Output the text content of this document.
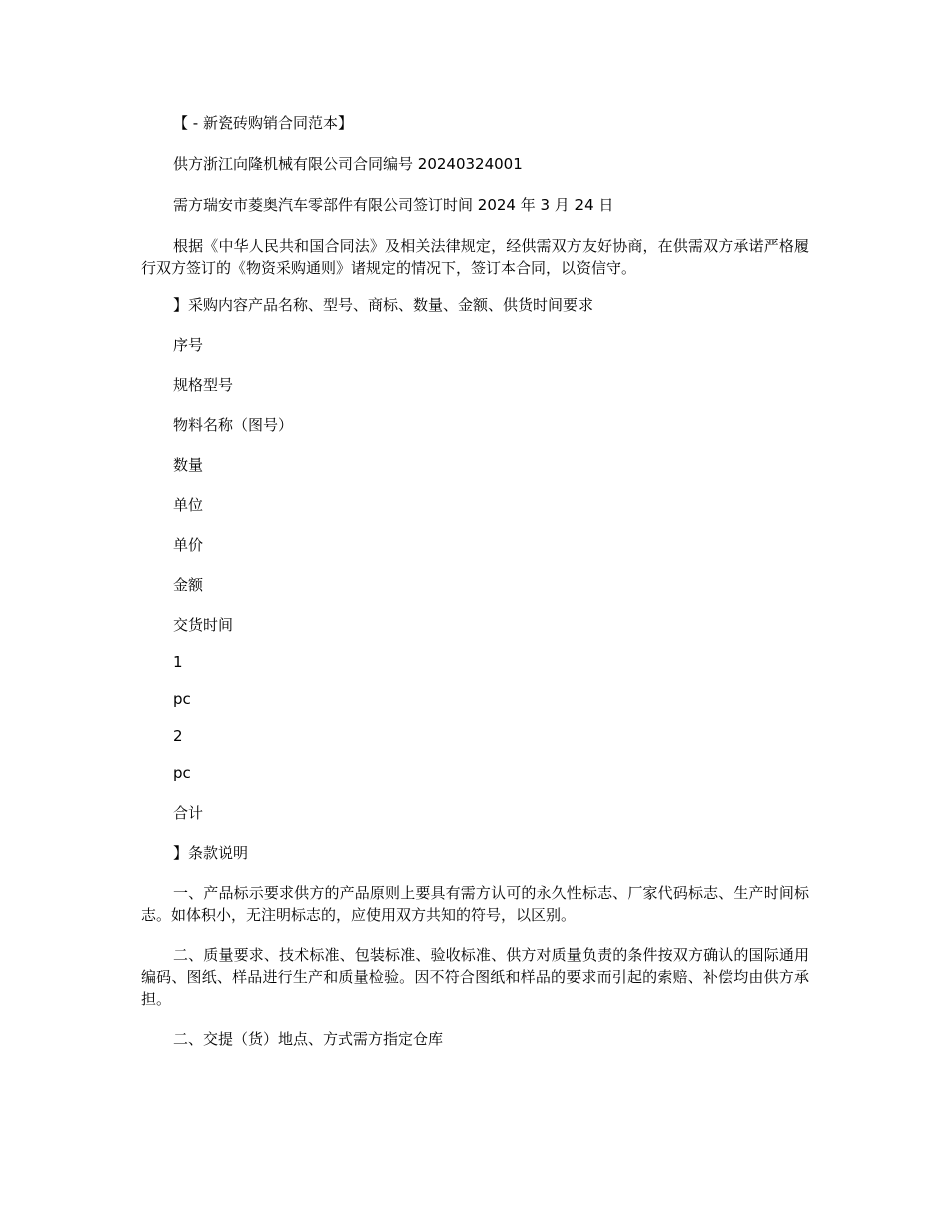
【 - 新瓷砖购销合同范本】

供方浙江向隆机械有限公司合同编号 20240324001

需方瑞安市菱奥汽车零部件有限公司签订时间 2024 年 3 月 24 日

根据《中华人民共和国合同法》及相关法律规定，经供需双方友好协商，在供需双方承诺严格履行双方签订的《物资采购通则》诸规定的情况下，签订本合同，以资信守。

】采购内容产品名称、型号、商标、数量、金额、供货时间要求

序号

规格型号

物料名称（图号）

数量

单位

单价

金额

交货时间

1

pc

2

pc

合计

】条款说明

一、产品标示要求供方的产品原则上要具有需方认可的永久性标志、厂家代码标志、生产时间标志。如体积小，无注明标志的，应使用双方共知的符号，以区别。

二、质量要求、技术标准、包装标准、验收标准、供方对质量负责的条件按双方确认的国际通用编码、图纸、样品进行生产和质量检验。因不符合图纸和样品的要求而引起的索赔、补偿均由供方承担。

二、交提（货）地点、方式需方指定仓库
